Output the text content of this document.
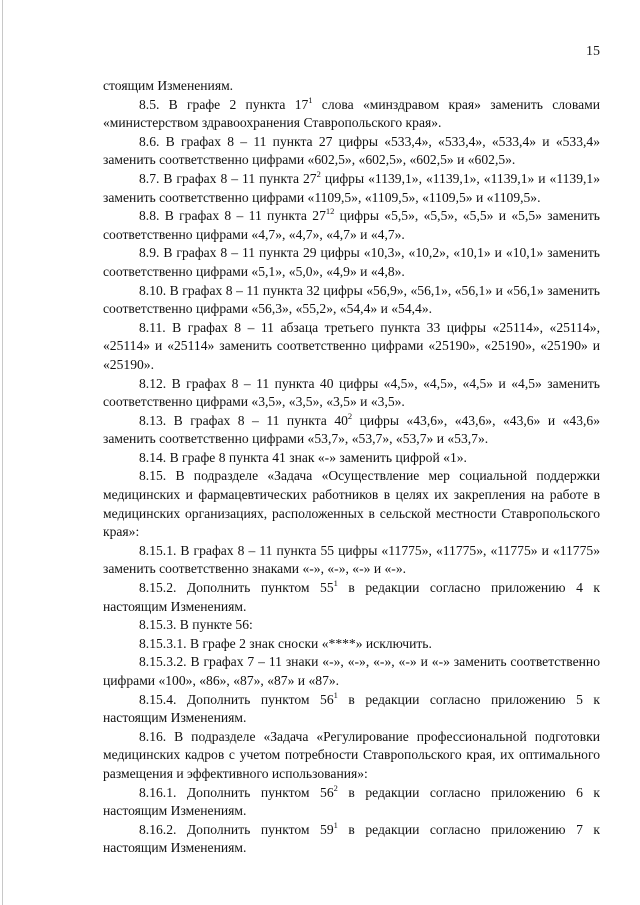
15

стоящим Изменениям.

8.5. В графе 2 пункта $17^1$ слова «минздравом края» заменить словами «министерством здравоохранения Ставропольского края».

8.6. В графах 8 – 11 пункта 27 цифры «533,4», «533,4», «533,4» и «533,4» заменить соответственно цифрами «602,5», «602,5», «602,5» и «602,5».

8.7. В графах 8 – 11 пункта $27^2$ цифры «1139,1», «1139,1», «1139,1» и «1139,1» заменить соответственно цифрами «1109,5», «1109,5», «1109,5» и «1109,5».

8.8. В графах 8 – 11 пункта $27^{12}$ цифры «5,5», «5,5», «5,5» и «5,5» заменить соответственно цифрами «4,7», «4,7», «4,7» и «4,7».

8.9. В графах 8 – 11 пункта 29 цифры «10,3», «10,2», «10,1» и «10,1» заменить соответственно цифрами «5,1», «5,0», «4,9» и «4,8».

8.10. В графах 8 – 11 пункта 32 цифры «56,9», «56,1», «56,1» и «56,1» заменить соответственно цифрами «56,3», «55,2», «54,4» и «54,4».

8.11. В графах 8 – 11 абзаца третьего пункта 33 цифры «25114», «25114», «25114» и «25114» заменить соответственно цифрами «25190», «25190», «25190» и «25190».

8.12. В графах 8 – 11 пункта 40 цифры «4,5», «4,5», «4,5» и «4,5» заменить соответственно цифрами «3,5», «3,5», «3,5» и «3,5».

8.13. В графах 8 – 11 пункта $40^2$ цифры «43,6», «43,6», «43,6» и «43,6» заменить соответственно цифрами «53,7», «53,7», «53,7» и «53,7».

8.14. В графе 8 пункта 41 знак «-» заменить цифрой «1».

8.15. В подразделе «Задача «Осуществление мер социальной поддержки медицинских и фармацевтических работников в целях их закрепления на работе в медицинских организациях, расположенных в сельской местности Ставропольского края»:

8.15.1. В графах 8 – 11 пункта 55 цифры «11775», «11775», «11775» и «11775» заменить соответственно знаками «-», «-», «-» и «-».

8.15.2. Дополнить пунктом $55^1$ в редакции согласно приложению 4 к настоящим Изменениям.

8.15.3. В пункте 56:

8.15.3.1. В графе 2 знак сноски «****» исключить.

8.15.3.2. В графах 7 – 11 знаки «-», «-», «-», «-» и «-» заменить соответственно цифрами «100», «86», «87», «87» и «87».

8.15.4. Дополнить пунктом $56^1$ в редакции согласно приложению 5 к настоящим Изменениям.

8.16. В подразделе «Задача «Регулирование профессиональной подготовки медицинских кадров с учетом потребности Ставропольского края, их оптимального размещения и эффективного использования»:

8.16.1. Дополнить пунктом $56^2$ в редакции согласно приложению 6 к настоящим Изменениям.

8.16.2. Дополнить пунктом $59^1$ в редакции согласно приложению 7 к настоящим Изменениям.
